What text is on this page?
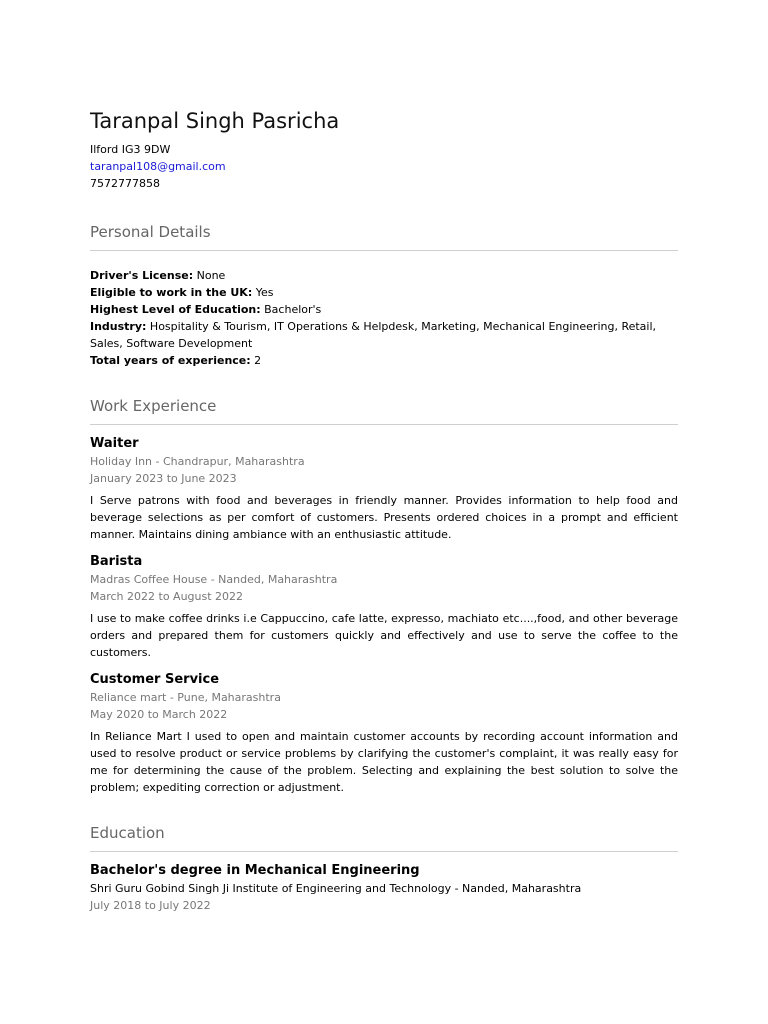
Taranpal Singh Pasricha
Ilford IG3 9DW
taranpal108@gmail.com
7572777858
Personal Details
Driver's License: None
Eligible to work in the UK: Yes
Highest Level of Education: Bachelor's
Industry: Hospitality & Tourism, IT Operations & Helpdesk, Marketing, Mechanical Engineering, Retail, Sales, Software Development
Total years of experience: 2
Work Experience
Waiter
Holiday Inn - Chandrapur, Maharashtra
January 2023 to June 2023
I Serve patrons with food and beverages in friendly manner. Provides information to help food and beverage selections as per comfort of customers. Presents ordered choices in a prompt and efficient manner. Maintains dining ambiance with an enthusiastic attitude.
Barista
Madras Coffee House - Nanded, Maharashtra
March 2022 to August 2022
I use to make coffee drinks i.e Cappuccino, cafe latte, expresso, machiato etc....,food, and other beverage orders and prepared them for customers quickly and effectively and use to serve the coffee to the customers.
Customer Service
Reliance mart - Pune, Maharashtra
May 2020 to March 2022
In Reliance Mart I used to open and maintain customer accounts by recording account information and used to resolve product or service problems by clarifying the customer's complaint, it was really easy for me for determining the cause of the problem. Selecting and explaining the best solution to solve the problem; expediting correction or adjustment.
Education
Bachelor's degree in Mechanical Engineering
Shri Guru Gobind Singh Ji Institute of Engineering and Technology - Nanded, Maharashtra
July 2018 to July 2022
